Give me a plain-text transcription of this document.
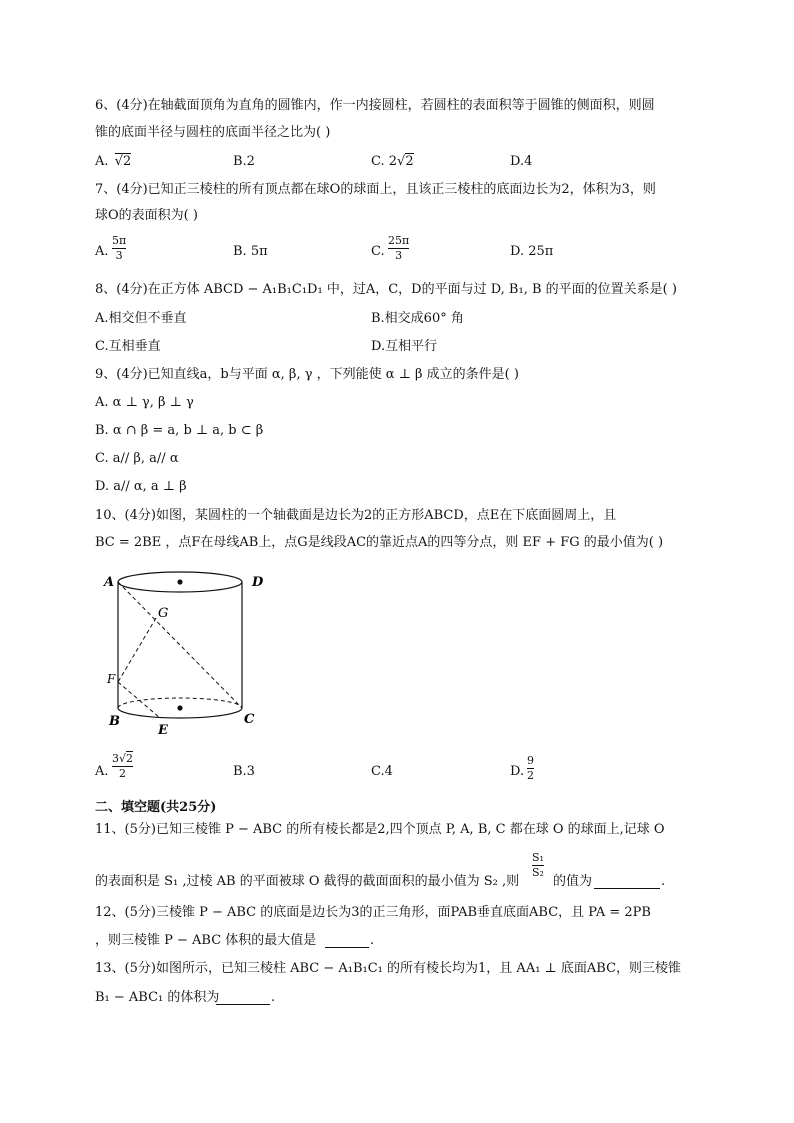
6、(4分)在轴截面顶角为直角的圆锥内，作一内接圆柱，若圆柱的表面积等于圆锥的侧面积，则圆
锥的底面半径与圆柱的底面半径之比为( )
A. √2	B.2	C. 2√2	D.4
7、(4分)已知正三棱柱的所有顶点都在球O的球面上，且该正三棱柱的底面边长为2，体积为3，则
球O的表面积为( )
A.
5π
3	B. 5π	C.
25π
3	D. 25π
8、(4分)在正方体 ABCD − A₁B₁C₁D₁ 中，过A，C，D的平面与过 D, B₁, B 的平面的位置关系是( )
A.相交但不垂直	B.相交成60° 角
C.互相垂直	D.互相平行
9、(4分)已知直线a，b与平面 α, β, γ ，下列能使 α ⊥ β 成立的条件是( )
A. α ⊥ γ, β ⊥ γ
B. α ∩ β = a, b ⊥ a, b ⊂ β
C. a// β, a// α
D. a// α, a ⊥ β
10、(4分)如图，某圆柱的一个轴截面是边长为2的正方形ABCD，点E在下底面圆周上，且
BC = 2BE ，点F在母线AB上，点G是线段AC的靠近点A的四等分点，则 EF + FG 的最小值为( )
A	D
G
F
B	C
E
A.
3√2
2	B.3	C.4	D.
9
2
二、填空题(共25分)
11、(5分)已知三棱锥 P − ABC 的所有棱长都是2,四个顶点 P, A, B, C 都在球 O 的球面上,记球 O
的表面积是 S₁ ,过棱 AB 的平面被球 O 截得的截面面积的最小值为 S₂ ,则
S₁
S₂
的值为	.
12、(5分)三棱锥 P − ABC 的底面是边长为3的正三角形，面PAB垂直底面ABC，且 PA = 2PB
，则三棱锥 P − ABC 体积的最大值是	.
13、(5分)如图所示，已知三棱柱 ABC − A₁B₁C₁ 的所有棱长均为1，且 AA₁ ⊥ 底面ABC，则三棱锥
B₁ − ABC₁ 的体积为	.
